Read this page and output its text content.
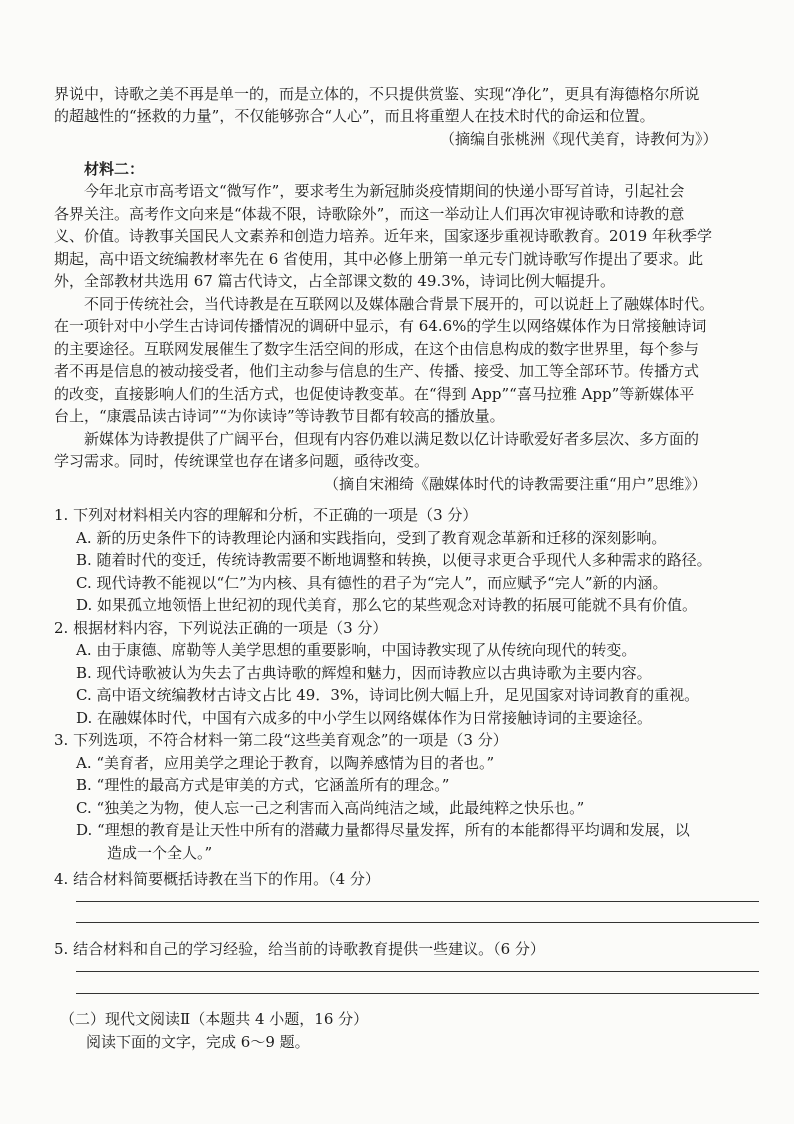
界说中，诗歌之美不再是单一的，而是立体的，不只提供赏鉴、实现“净化”，更具有海德格尔所说
的超越性的“拯救的力量”，不仅能够弥合“人心”，而且将重塑人在技术时代的命运和位置。
（摘编自张桃洲《现代美育，诗教何为》）
材料二：
今年北京市高考语文“微写作”，要求考生为新冠肺炎疫情期间的快递小哥写首诗，引起社会
各界关注。高考作文向来是“体裁不限，诗歌除外”，而这一举动让人们再次审视诗歌和诗教的意
义、价值。诗教事关国民人文素养和创造力培养。近年来，国家逐步重视诗歌教育。2019 年秋季学
期起，高中语文统编教材率先在 6 省使用，其中必修上册第一单元专门就诗歌写作提出了要求。此
外，全部教材共选用 67 篇古代诗文，占全部课文数的 49.3%，诗词比例大幅提升。
不同于传统社会，当代诗教是在互联网以及媒体融合背景下展开的，可以说赶上了融媒体时代。
在一项针对中小学生古诗词传播情况的调研中显示，有 64.6%的学生以网络媒体作为日常接触诗词
的主要途径。互联网发展催生了数字生活空间的形成，在这个由信息构成的数字世界里，每个参与
者不再是信息的被动接受者，他们主动参与信息的生产、传播、接受、加工等全部环节。传播方式
的改变，直接影响人们的生活方式，也促使诗教变革。在“得到 App”“喜马拉雅 App”等新媒体平
台上，“康震品读古诗词”“为你读诗”等诗教节目都有较高的播放量。
新媒体为诗教提供了广阔平台，但现有内容仍难以满足数以亿计诗歌爱好者多层次、多方面的
学习需求。同时，传统课堂也存在诸多问题，亟待改变。
（摘自宋湘绮《融媒体时代的诗教需要注重“用户”思维》）
1. 下列对材料相关内容的理解和分析，不正确的一项是（3 分）
A. 新的历史条件下的诗教理论内涵和实践指向，受到了教育观念革新和迁移的深刻影响。
B. 随着时代的变迁，传统诗教需要不断地调整和转换，以便寻求更合乎现代人多种需求的路径。
C. 现代诗教不能视以“仁”为内核、具有德性的君子为“完人”，而应赋予“完人”新的内涵。
D. 如果孤立地领悟上世纪初的现代美育，那么它的某些观念对诗教的拓展可能就不具有价值。
2. 根据材料内容，下列说法正确的一项是（3 分）
A. 由于康德、席勒等人美学思想的重要影响，中国诗教实现了从传统向现代的转变。
B. 现代诗歌被认为失去了古典诗歌的辉煌和魅力，因而诗教应以古典诗歌为主要内容。
C. 高中语文统编教材古诗文占比 49．3%，诗词比例大幅上升，足见国家对诗词教育的重视。
D. 在融媒体时代，中国有六成多的中小学生以网络媒体作为日常接触诗词的主要途径。
3. 下列选项，不符合材料一第二段“这些美育观念”的一项是（3 分）
A. “美育者，应用美学之理论于教育，以陶养感情为目的者也。”
B. “理性的最高方式是审美的方式，它涵盖所有的理念。”
C. “独美之为物，使人忘一己之利害而入高尚纯洁之域，此最纯粹之快乐也。”
D. “理想的教育是让天性中所有的潜藏力量都得尽量发挥，所有的本能都得平均调和发展，以
造成一个全人。”
4. 结合材料简要概括诗教在当下的作用。（4 分）
5. 结合材料和自己的学习经验，给当前的诗歌教育提供一些建议。（6 分）
（二）现代文阅读Ⅱ（本题共 4 小题，16 分）
阅读下面的文字，完成 6～9 题。
